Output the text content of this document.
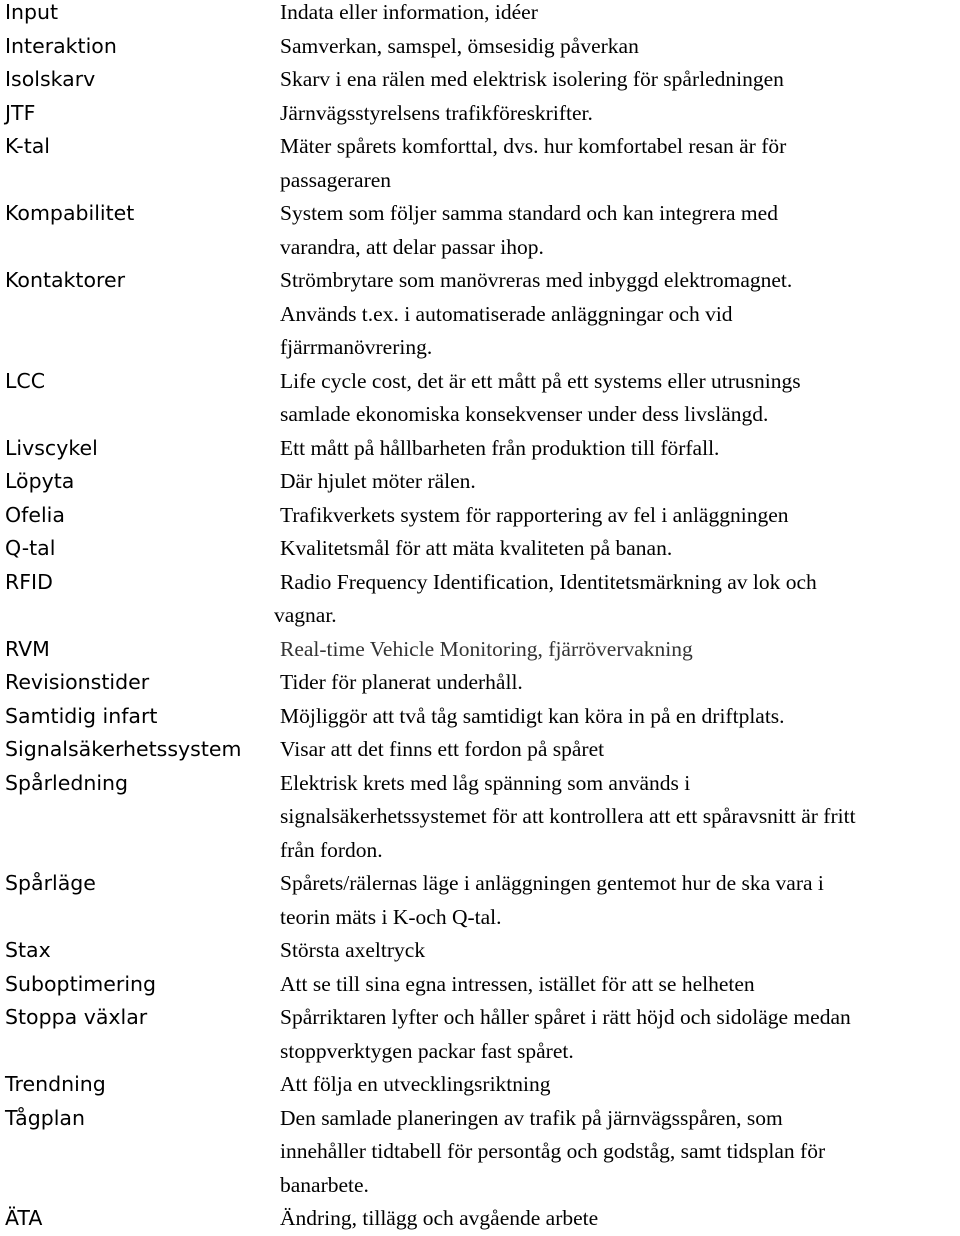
Input	Indata eller information, idéer
Interaktion	Samverkan, samspel, ömsesidig påverkan
Isolskarv	Skarv i ena rälen med elektrisk isolering för spårledningen
JTF	Järnvägsstyrelsens trafikföreskrifter.
K-tal	Mäter spårets komforttal, dvs. hur komfortabel resan är för
passageraren
Kompabilitet	System som följer samma standard och kan integrera med
varandra, att delar passar ihop.
Kontaktorer	Strömbrytare som manövreras med inbyggd elektromagnet.
Används t.ex. i automatiserade anläggningar och vid
fjärrmanövrering.
LCC	Life cycle cost, det är ett mått på ett systems eller utrusnings
samlade ekonomiska konsekvenser under dess livslängd.
Livscykel	Ett mått på hållbarheten från produktion till förfall.
Löpyta	Där hjulet möter rälen.
Ofelia	Trafikverkets system för rapportering av fel i anläggningen
Q-tal	Kvalitetsmål för att mäta kvaliteten på banan.
RFID	Radio Frequency Identification, Identitetsmärkning av lok och
vagnar.
RVM	Real-time Vehicle Monitoring, fjärrövervakning
Revisionstider	Tider för planerat underhåll.
Samtidig infart	Möjliggör att två tåg samtidigt kan köra in på en driftplats.
Signalsäkerhetssystem	Visar att det finns ett fordon på spåret
Spårledning	Elektrisk krets med låg spänning som används i
signalsäkerhetssystemet för att kontrollera att ett spåravsnitt är fritt
från fordon.
Spårläge	Spårets/rälernas läge i anläggningen gentemot hur de ska vara i
teorin mäts i K-och Q-tal.
Stax	Största axeltryck
Suboptimering	Att se till sina egna intressen, istället för att se helheten
Stoppa växlar	Spårriktaren lyfter och håller spåret i rätt höjd och sidoläge medan
stoppverktygen packar fast spåret.
Trendning	Att följa en utvecklingsriktning
Tågplan	Den samlade planeringen av trafik på järnvägsspåren, som
innehåller tidtabell för persontåg och godståg, samt tidsplan för
banarbete.
ÄTA	Ändring, tillägg och avgående arbete
